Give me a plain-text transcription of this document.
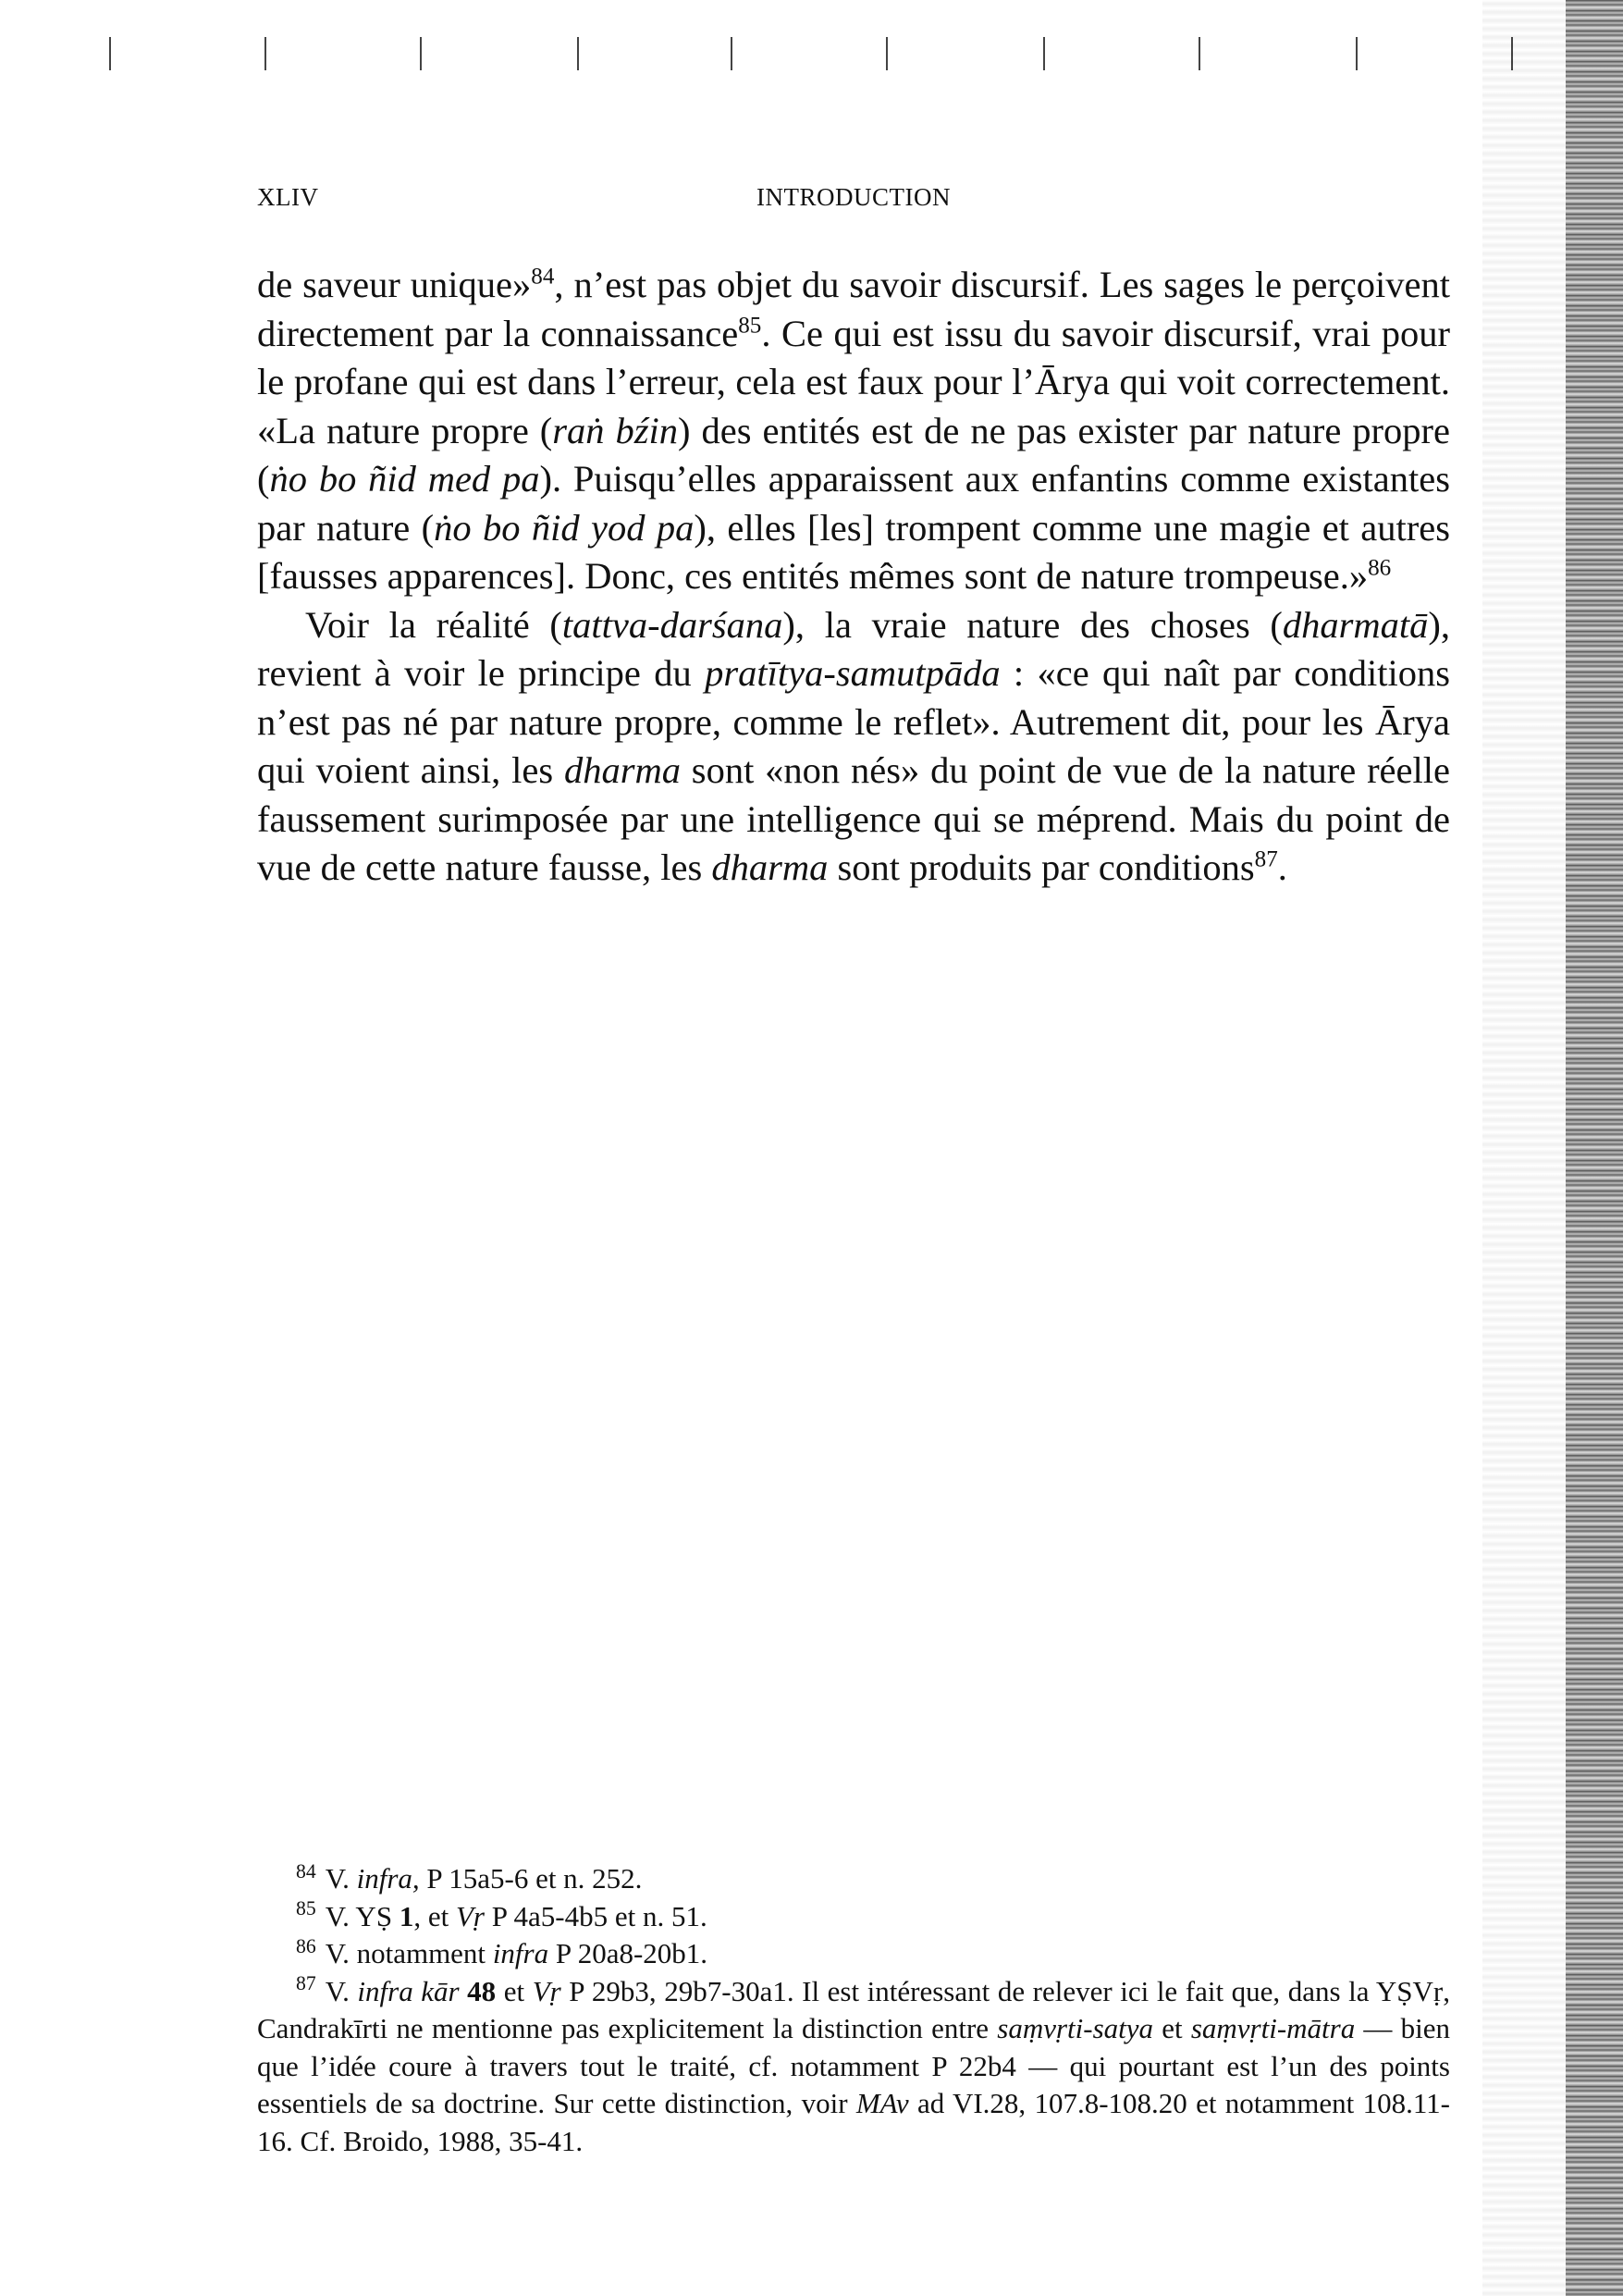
XLIV	INTRODUCTION

de saveur unique»$^{84}$, n’est pas objet du savoir discursif. Les sages le perçoivent directement par la connaissance$^{85}$. Ce qui est issu du savoir discursif, vrai pour le profane qui est dans l’erreur, cela est faux pour l’Ārya qui voit correctement. «La nature propre (raṅ bźin) des entités est de ne pas exister par nature propre (ṅo bo ñid med pa). Puisqu’elles apparaissent aux enfantins comme existantes par nature (ṅo bo ñid yod pa), elles [les] trompent comme une magie et autres [fausses apparences]. Donc, ces entités mêmes sont de nature trompeuse.»$^{86}$

Voir la réalité (tattva-darśana), la vraie nature des choses (dharmatā), revient à voir le principe du pratītya-samutpāda : «ce qui naît par conditions n’est pas né par nature propre, comme le reflet». Autrement dit, pour les Ārya qui voient ainsi, les dharma sont «non nés» du point de vue de la nature réelle faussement surimposée par une intelligence qui se méprend. Mais du point de vue de cette nature fausse, les dharma sont produits par conditions$^{87}$.

$^{84}$ V. infra, P 15a5-6 et n. 252.

$^{85}$ V. YṢ 1, et Vṛ P 4a5-4b5 et n. 51.

$^{86}$ V. notamment infra P 20a8-20b1.

$^{87}$ V. infra kār 48 et Vṛ P 29b3, 29b7-30a1. Il est intéressant de relever ici le fait que, dans la YṢVṛ, Candrakīrti ne mentionne pas explicitement la distinction entre saṃvṛti-satya et saṃvṛti-mātra — bien que l’idée coure à travers tout le traité, cf. notamment P 22b4 — qui pourtant est l’un des points essentiels de sa doctrine. Sur cette distinction, voir MAv ad VI.28, 107.8-108.20 et notamment 108.11-16. Cf. Broido, 1988, 35-41.
